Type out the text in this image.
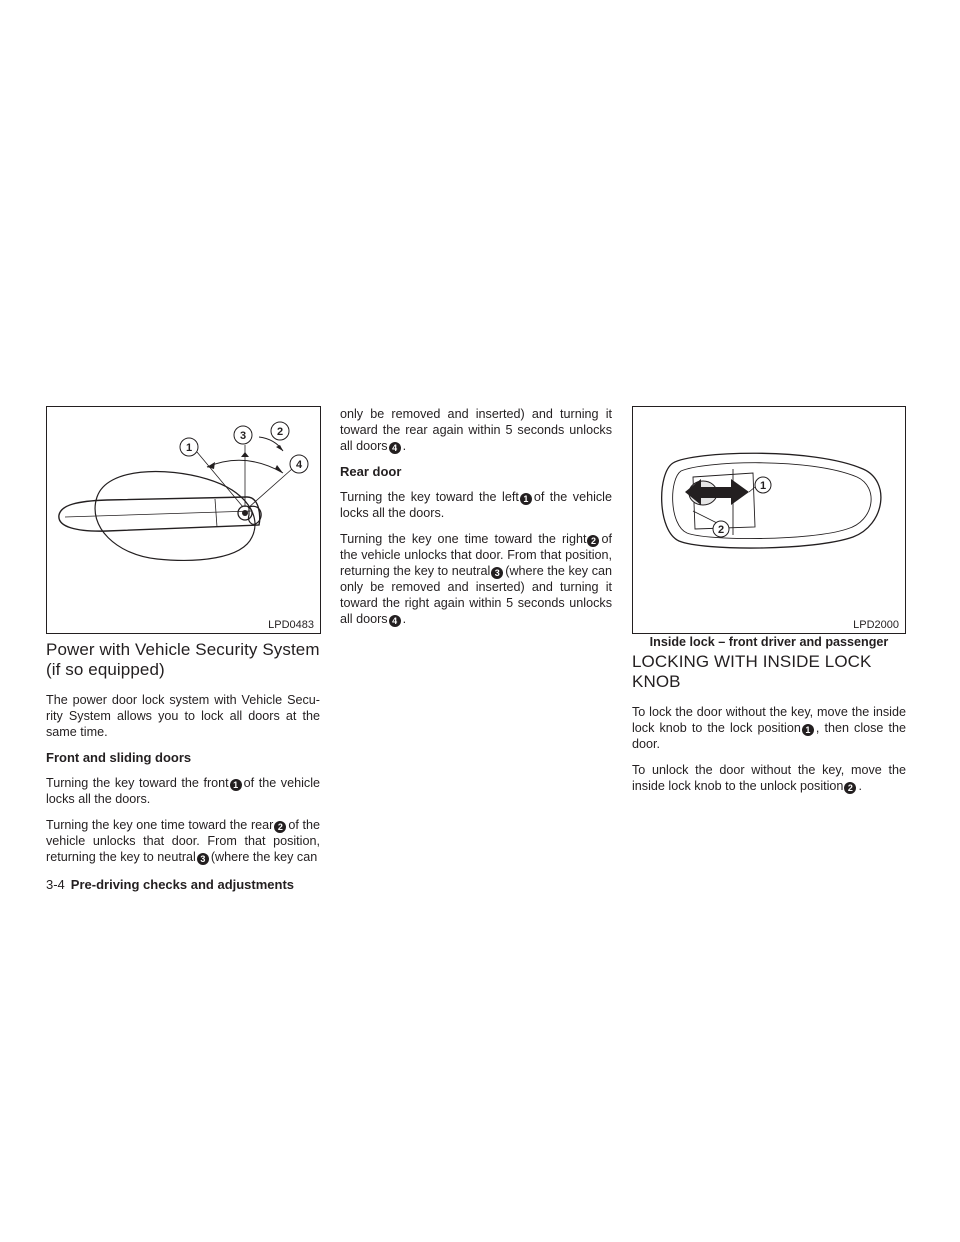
1
3	2
4
LPD0483
1
2
LPD2000
Inside lock – front driver and passenger
Power with Vehicle Security System (if so equipped)

The power door lock system with Vehicle Secu-rity System allows you to lock all doors at the same time.

Front and sliding doors

Turning the key toward the front 1 of the vehicle locks all the doors.

Turning the key one time toward the rear 2 of the vehicle unlocks that door. From that position, returning the key to neutral 3 (where the key can

only be removed and inserted) and turning it toward the rear again within 5 seconds unlocks all doors 4 .

Rear door

Turning the key toward the left 1 of the vehicle locks all the doors.

Turning the key one time toward the right 2 of the vehicle unlocks that door. From that position, returning the key to neutral 3 (where the key can only be removed and inserted) and turning it toward the right again within 5 seconds unlocks all doors 4 .

LOCKING WITH INSIDE LOCK KNOB

To lock the door without the key, move the inside lock knob to the lock position 1 , then close the door.

To unlock the door without the key, move the inside lock knob to the unlock position 2 .

3-4 Pre-driving checks and adjustments
